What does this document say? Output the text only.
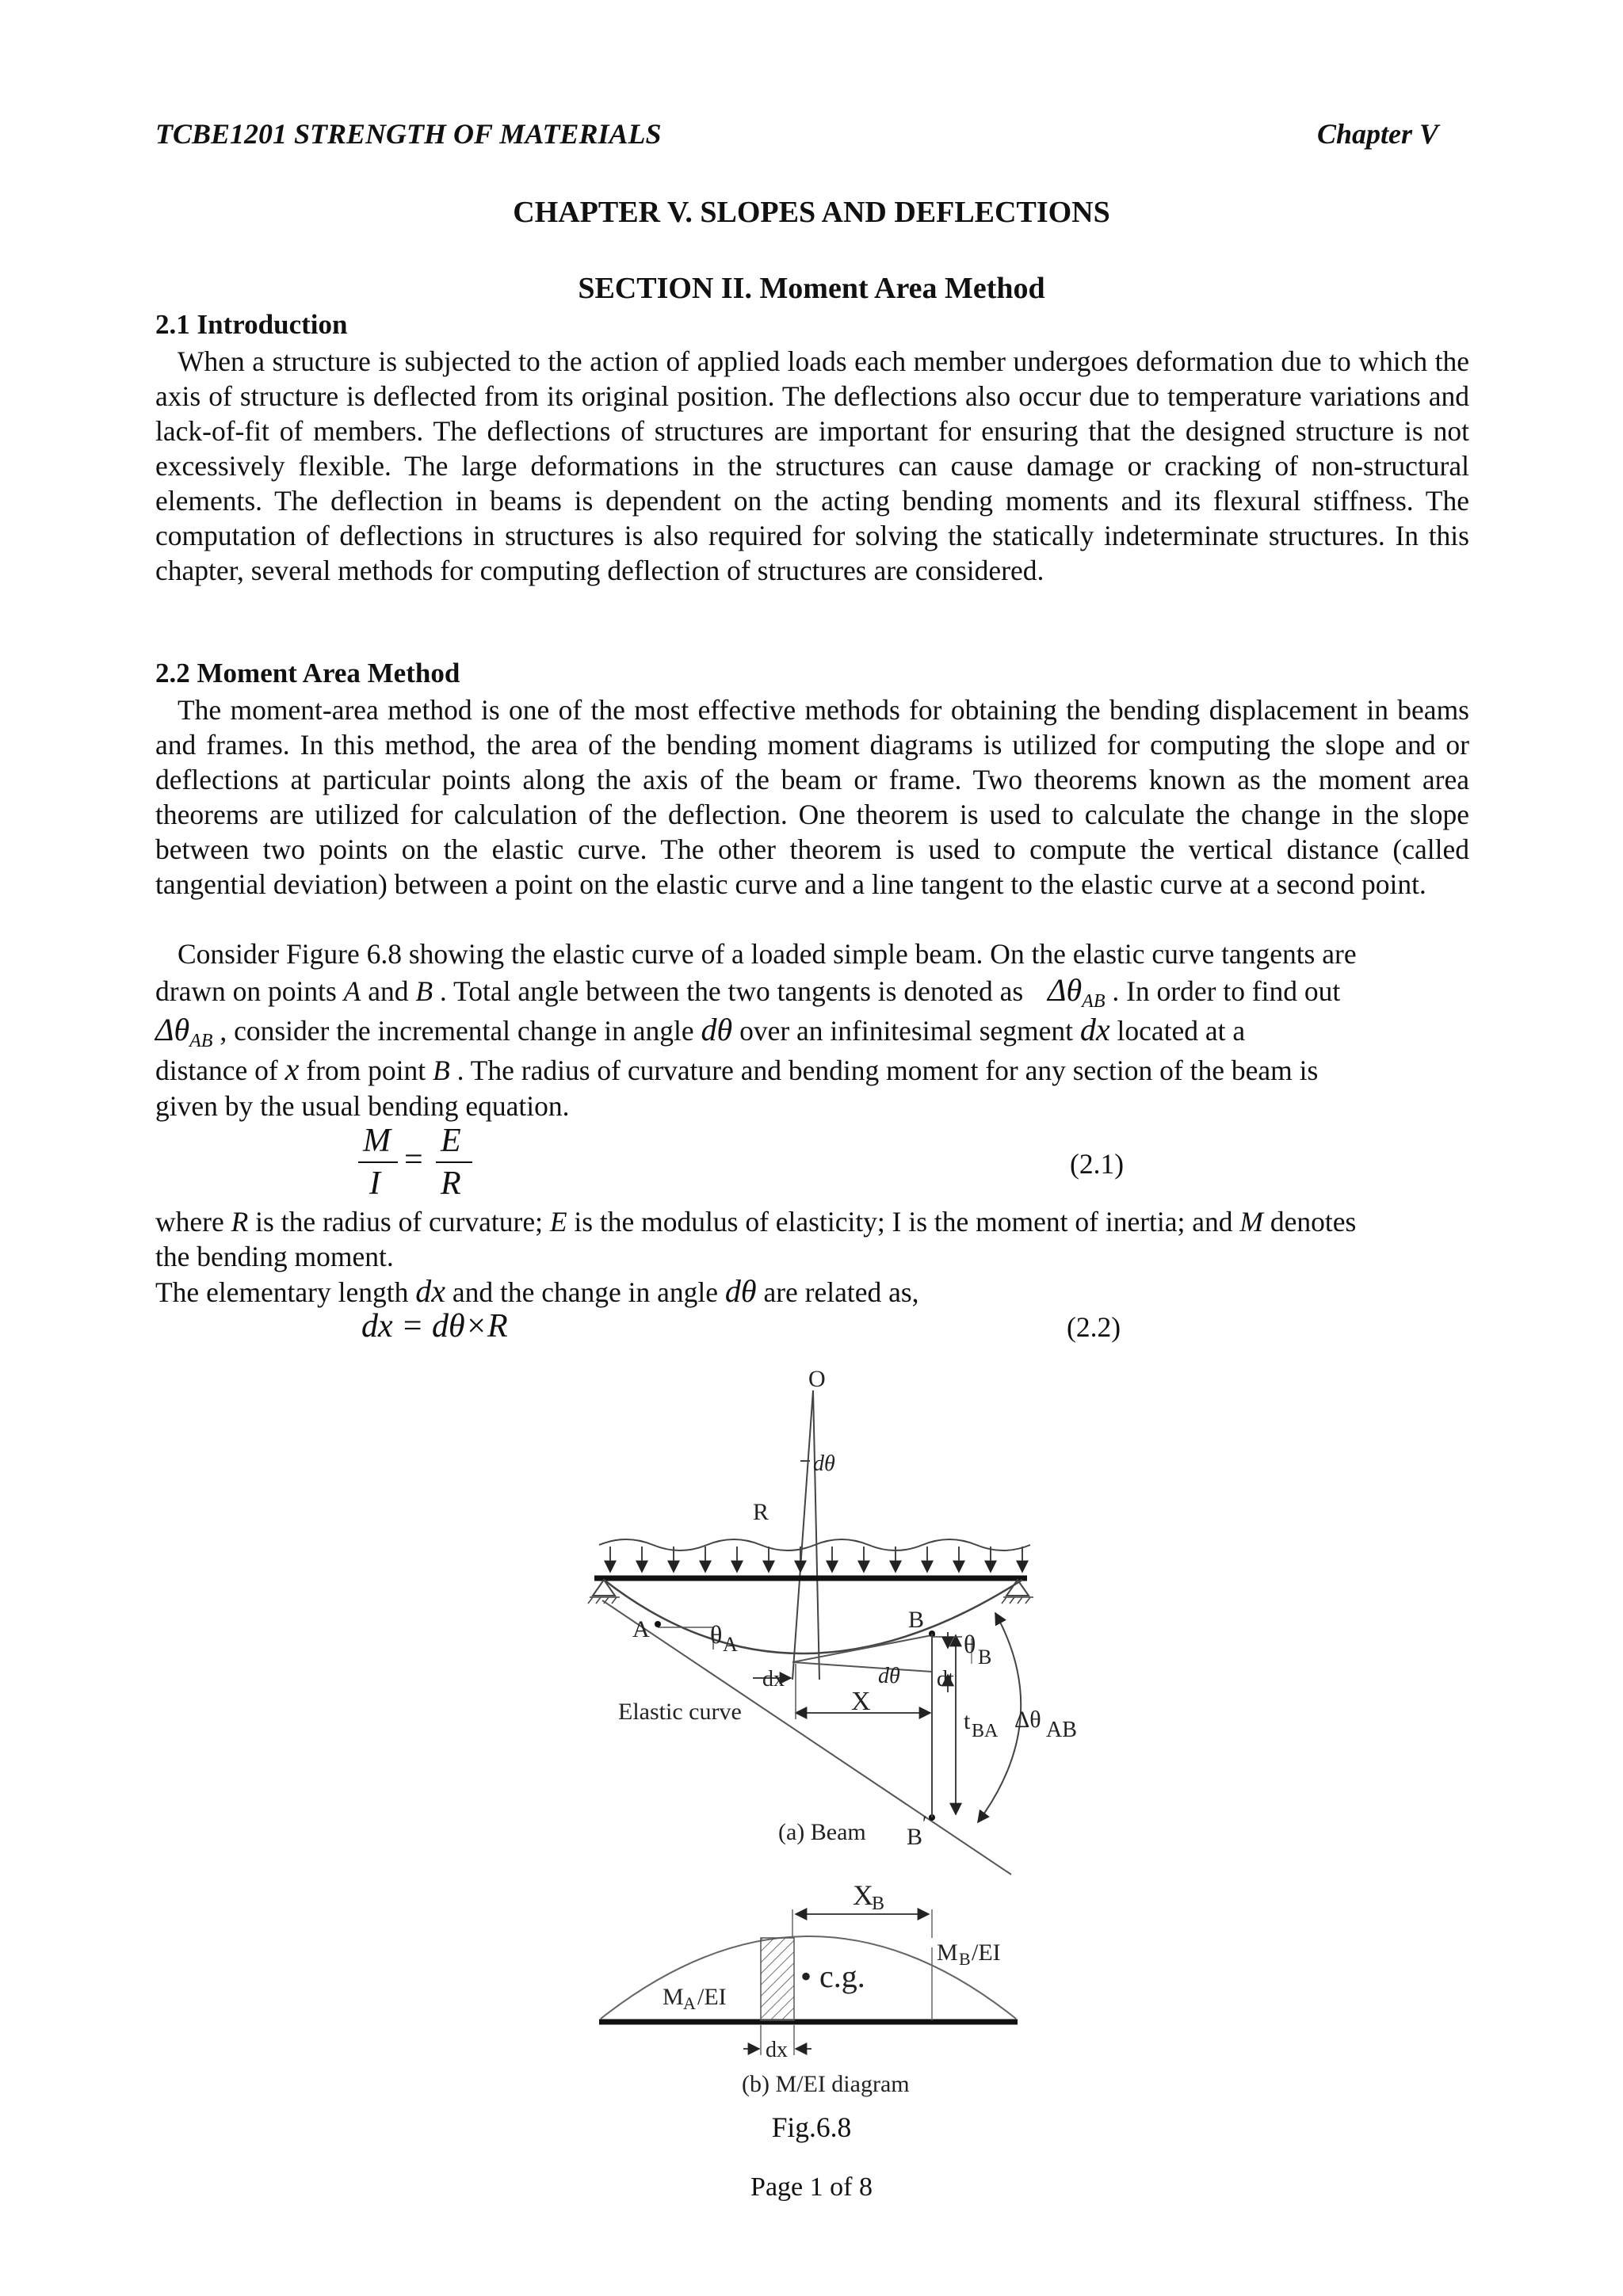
TCBE1201 STRENGTH OF MATERIALS	Chapter V
CHAPTER V. SLOPES AND DEFLECTIONS
SECTION II. Moment Area Method
2.1 Introduction

When a structure is subjected to the action of applied loads each member undergoes deformation due to which the axis of structure is deflected from its original position. The deflections also occur due to temperature variations and lack-of-fit of members. The deflections of structures are important for ensuring that the designed structure is not excessively flexible. The large deformations in the structures can cause damage or cracking of non-structural elements. The deflection in beams is dependent on the acting bending moments and its flexural stiffness. The computation of deflections in structures is also required for solving the statically indeterminate structures. In this chapter, several methods for computing deflection of structures are considered.

2.2 Moment Area Method

The moment-area method is one of the most effective methods for obtaining the bending displacement in beams and frames. In this method, the area of the bending moment diagrams is utilized for computing the slope and or deflections at particular points along the axis of the beam or frame. Two theorems known as the moment area theorems are utilized for calculation of the deflection. One theorem is used to calculate the change in the slope between two points on the elastic curve. The other theorem is used to compute the vertical distance (called tangential deviation) between a point on the elastic curve and a line tangent to the elastic curve at a second point.

Consider Figure 6.8 showing the elastic curve of a loaded simple beam. On the elastic curve tangents are
drawn on points A and B . Total angle between the two tangents is denoted as $\Delta\theta_{AB}$ . In order to find out
$\Delta\theta_{AB}$ , consider the incremental change in angle dθ over an infinitesimal segment dx located at a
distance of x from point B . The radius of curvature and bending moment for any section of the beam is
given by the usual bending equation.
M
I
=
E
R
(2.1)
where R is the radius of curvature; E is the modulus of elasticity; I is the moment of inertia; and M denotes
the bending moment.
The elementary length dx and the change in angle dθ are related as,
dx = dθ×R	(2.2)
O
dθ
R
A θ A
B
θ B
dx	dθ dt
Elastic curve	X
t BA Δθ AB
(a) Beam B
′
X
B
M B /EI
M A /EI
• c.g.
dx
(b) M/EI diagram
Fig.6.8
Page 1 of 8
